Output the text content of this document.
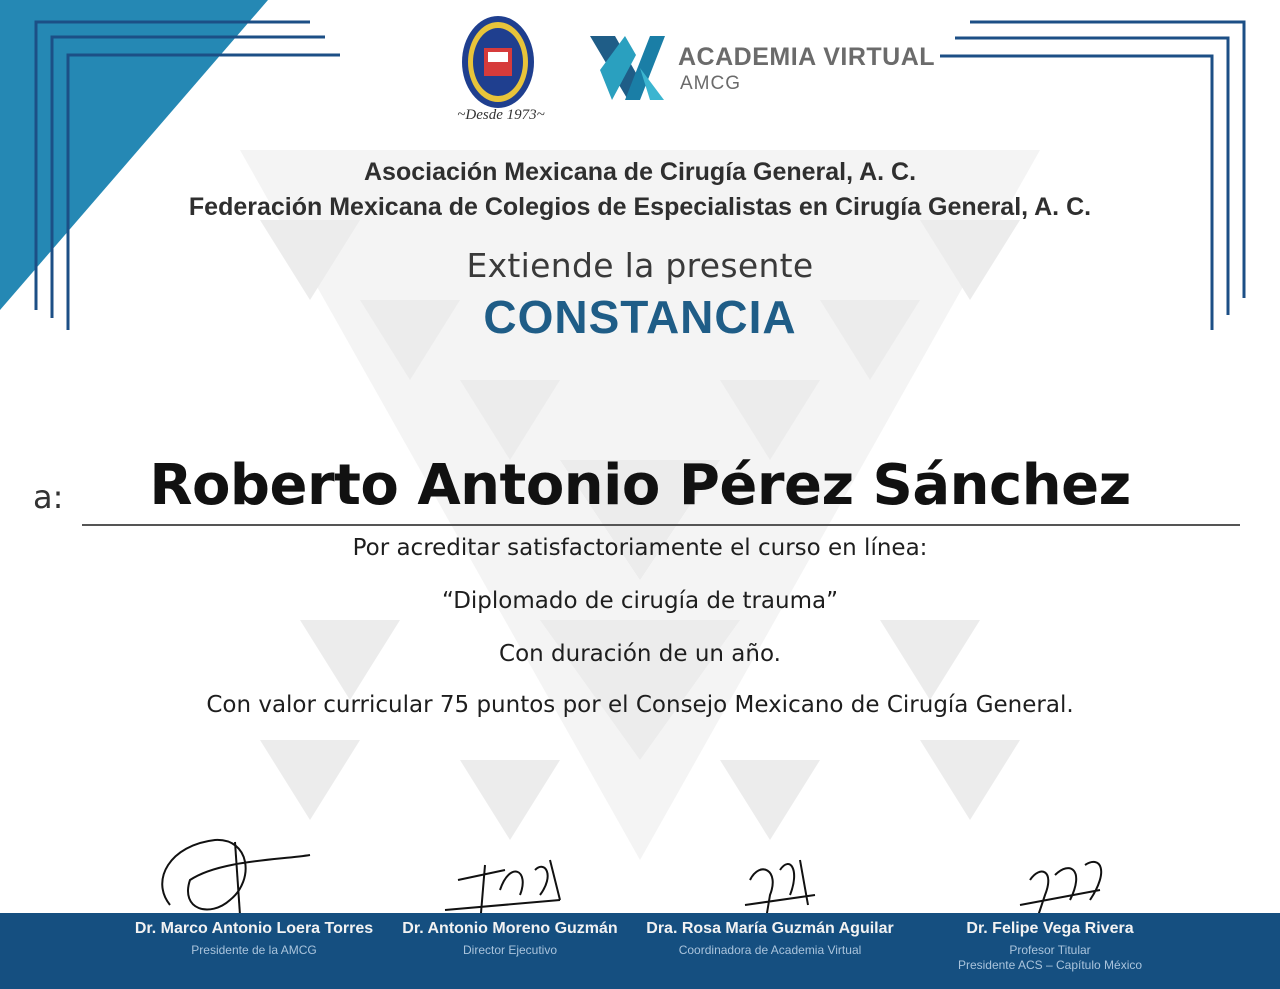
~Desde 1973~
ACADEMIA VIRTUAL
AMCG
Asociación Mexicana de Cirugía General, A. C.
Federación Mexicana de Colegios de Especialistas en Cirugía General, A. C.
Extiende la presente
CONSTANCIA
a:	Roberto Antonio Pérez Sánchez
Por acreditar satisfactoriamente el curso en línea:
“Diplomado de cirugía de trauma”
Con duración de un año.
Con valor curricular 75 puntos por el Consejo Mexicano de Cirugía General.
Dr. Marco Antonio Loera Torres
Presidente de la AMCG
Dr. Antonio Moreno Guzmán
Director Ejecutivo
Dra. Rosa María Guzmán Aguilar
Coordinadora de Academia Virtual
Dr. Felipe Vega Rivera
Profesor Titular
Presidente ACS – Capítulo México
